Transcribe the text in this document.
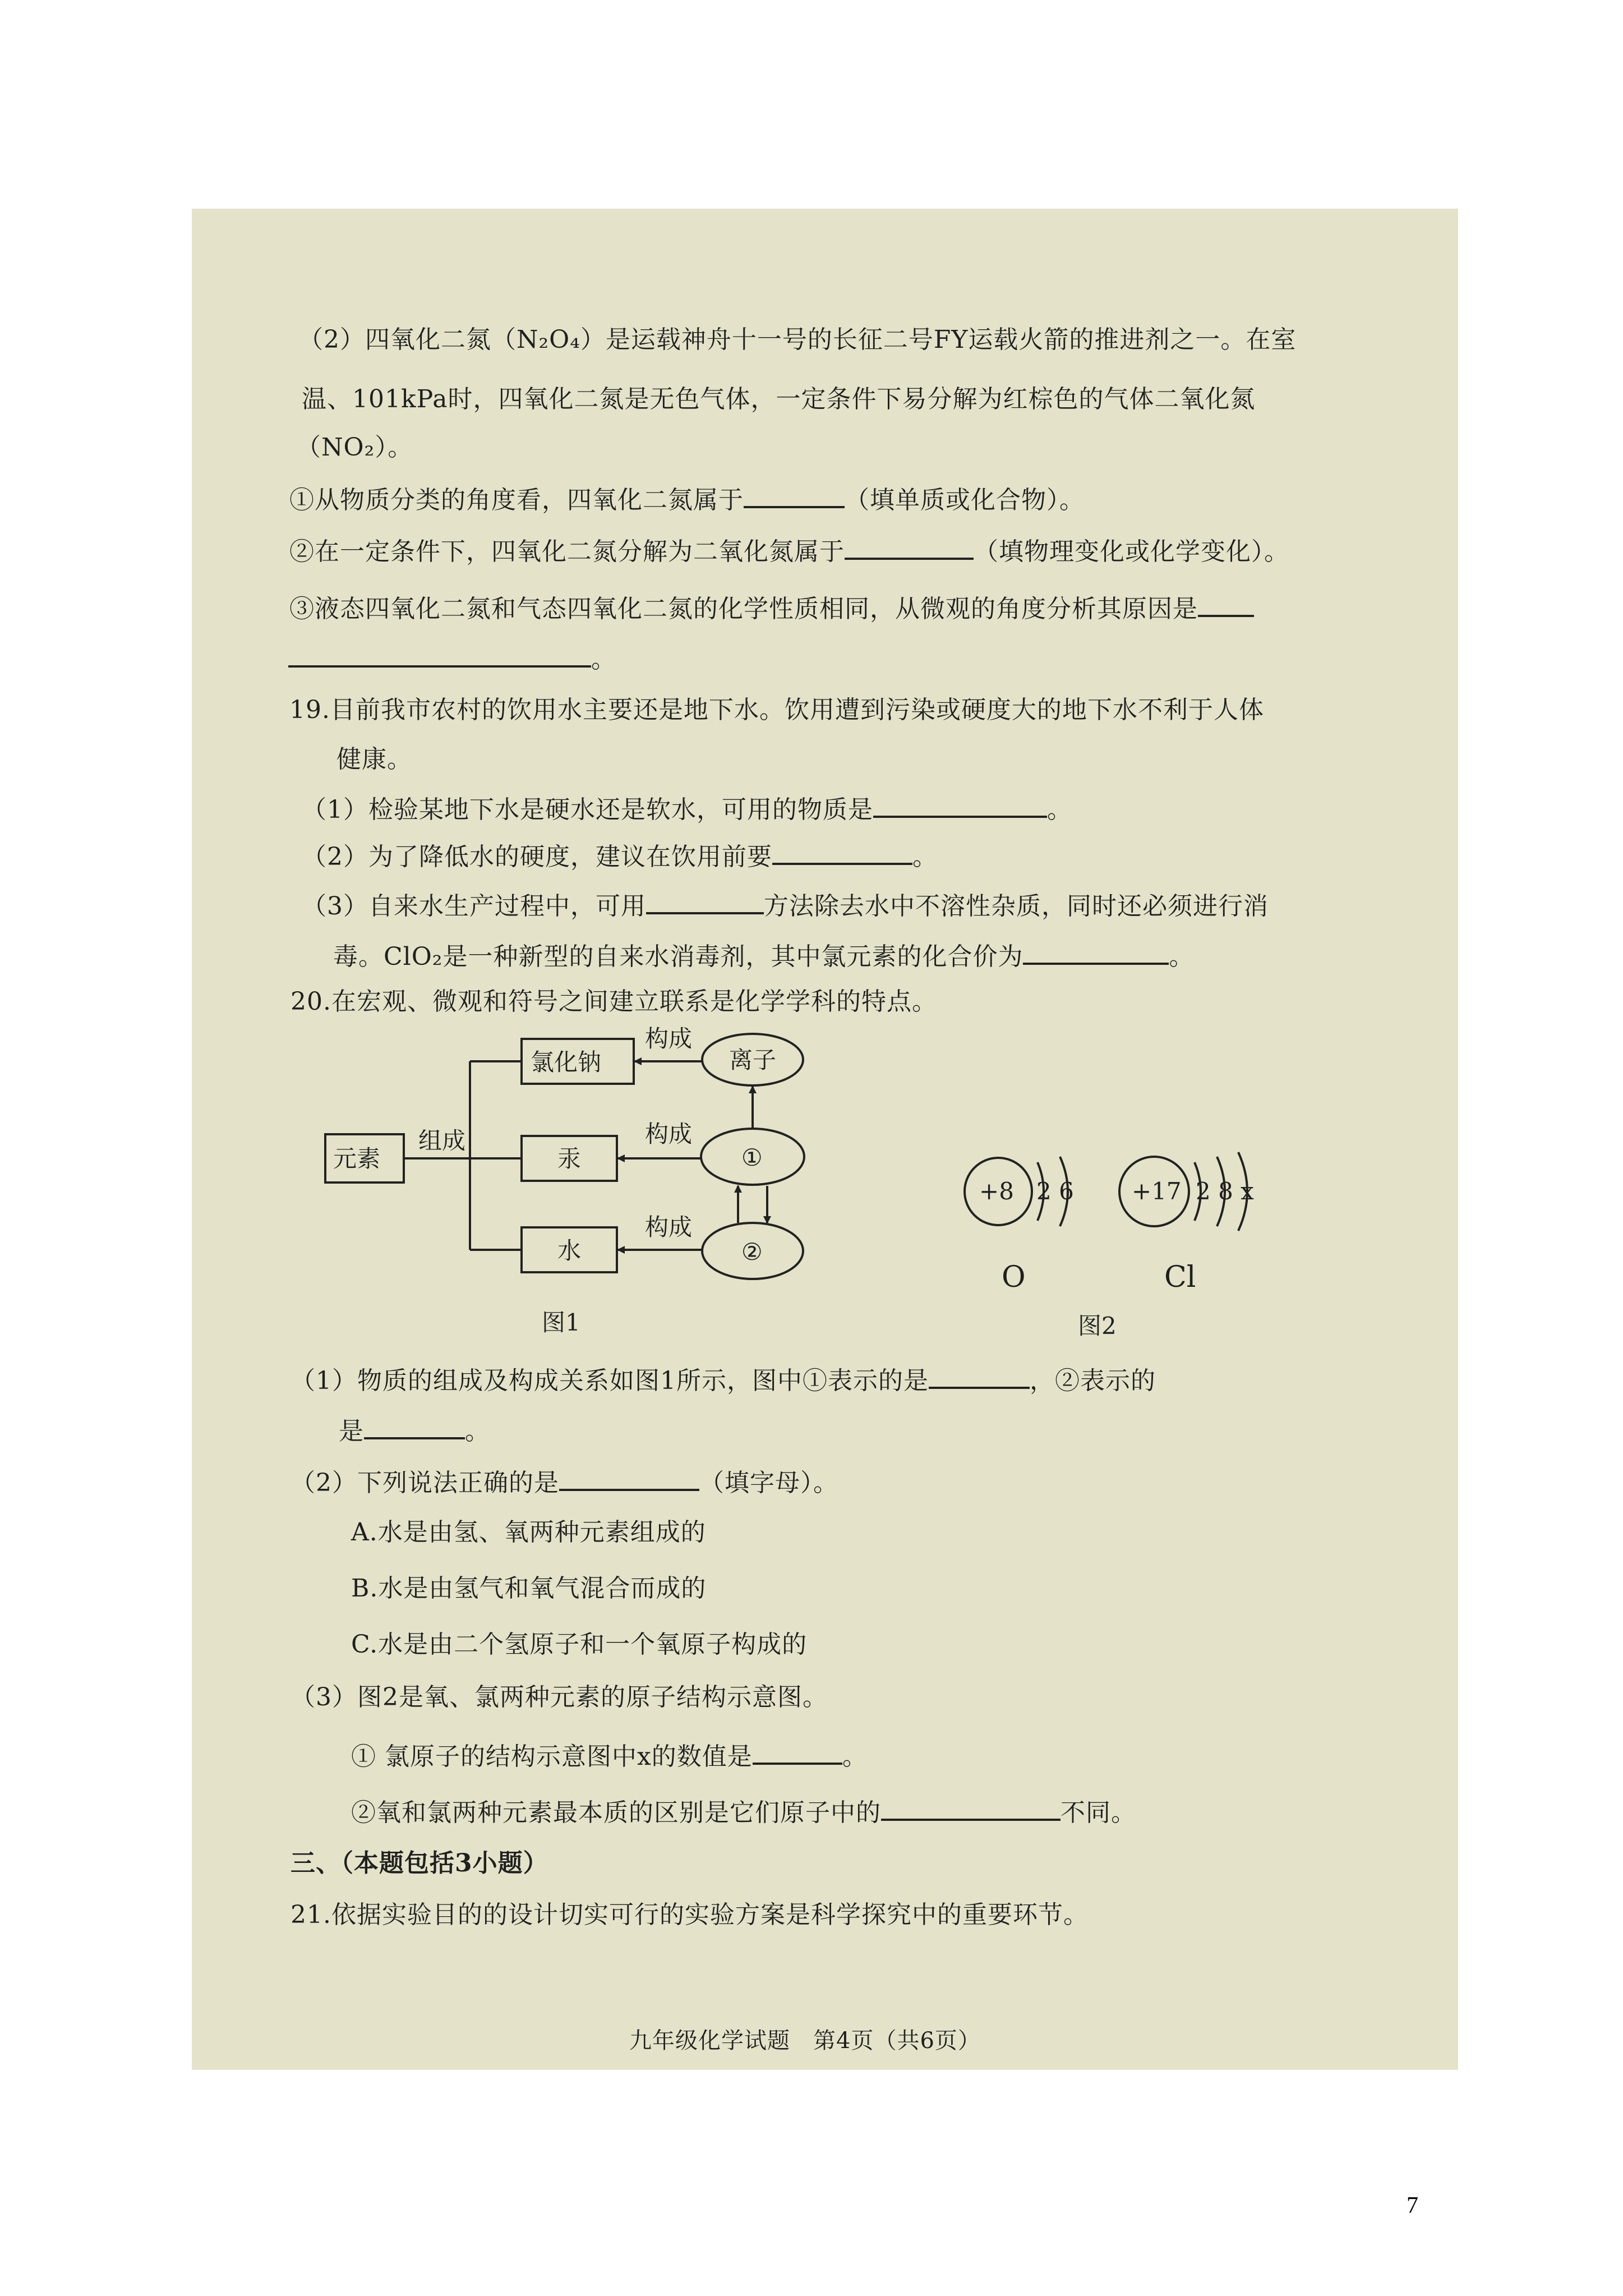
（2）四氧化二氮（N₂O₄）是运载神舟十一号的长征二号FY运载火箭的推进剂之一。在室
温、101kPa时，四氧化二氮是无色气体，一定条件下易分解为红棕色的气体二氧化氮
（NO₂）。
①从物质分类的角度看，四氧化二氮属于	（填单质或化合物）。
②在一定条件下，四氧化二氮分解为二氧化氮属于	（填物理变化或化学变化）。
③液态四氧化二氮和气态四氧化二氮的化学性质相同，从微观的角度分析其原因是
。
19.目前我市农村的饮用水主要还是地下水。饮用遭到污染或硬度大的地下水不利于人体
健康。
（1）检验某地下水是硬水还是软水，可用的物质是	。
（2）为了降低水的硬度，建议在饮用前要	。
（3）自来水生产过程中，可用	方法除去水中不溶性杂质，同时还必须进行消
毒。ClO₂是一种新型的自来水消毒剂，其中氯元素的化合价为	。
20.在宏观、微观和符号之间建立联系是化学学科的特点。
元素
组成
氯化钠
汞
水
构成
构成
构成
离子
①
②
图1
+8 2 6
O
+17 2 8 x
Cl
图2
（1）物质的组成及构成关系如图1所示，图中①表示的是	，②表示的
是	。
（2）下列说法正确的是	（填字母）。
A.水是由氢、氧两种元素组成的
B.水是由氢气和氧气混合而成的
C.水是由二个氢原子和一个氧原子构成的
（3）图2是氧、氯两种元素的原子结构示意图。
① 氯原子的结构示意图中x的数值是	。
②氧和氯两种元素最本质的区别是它们原子中的	不同。
三、（本题包括3小题）
21.依据实验目的的设计切实可行的实验方案是科学探究中的重要环节。
九年级化学试题　第4页（共6页）
7
